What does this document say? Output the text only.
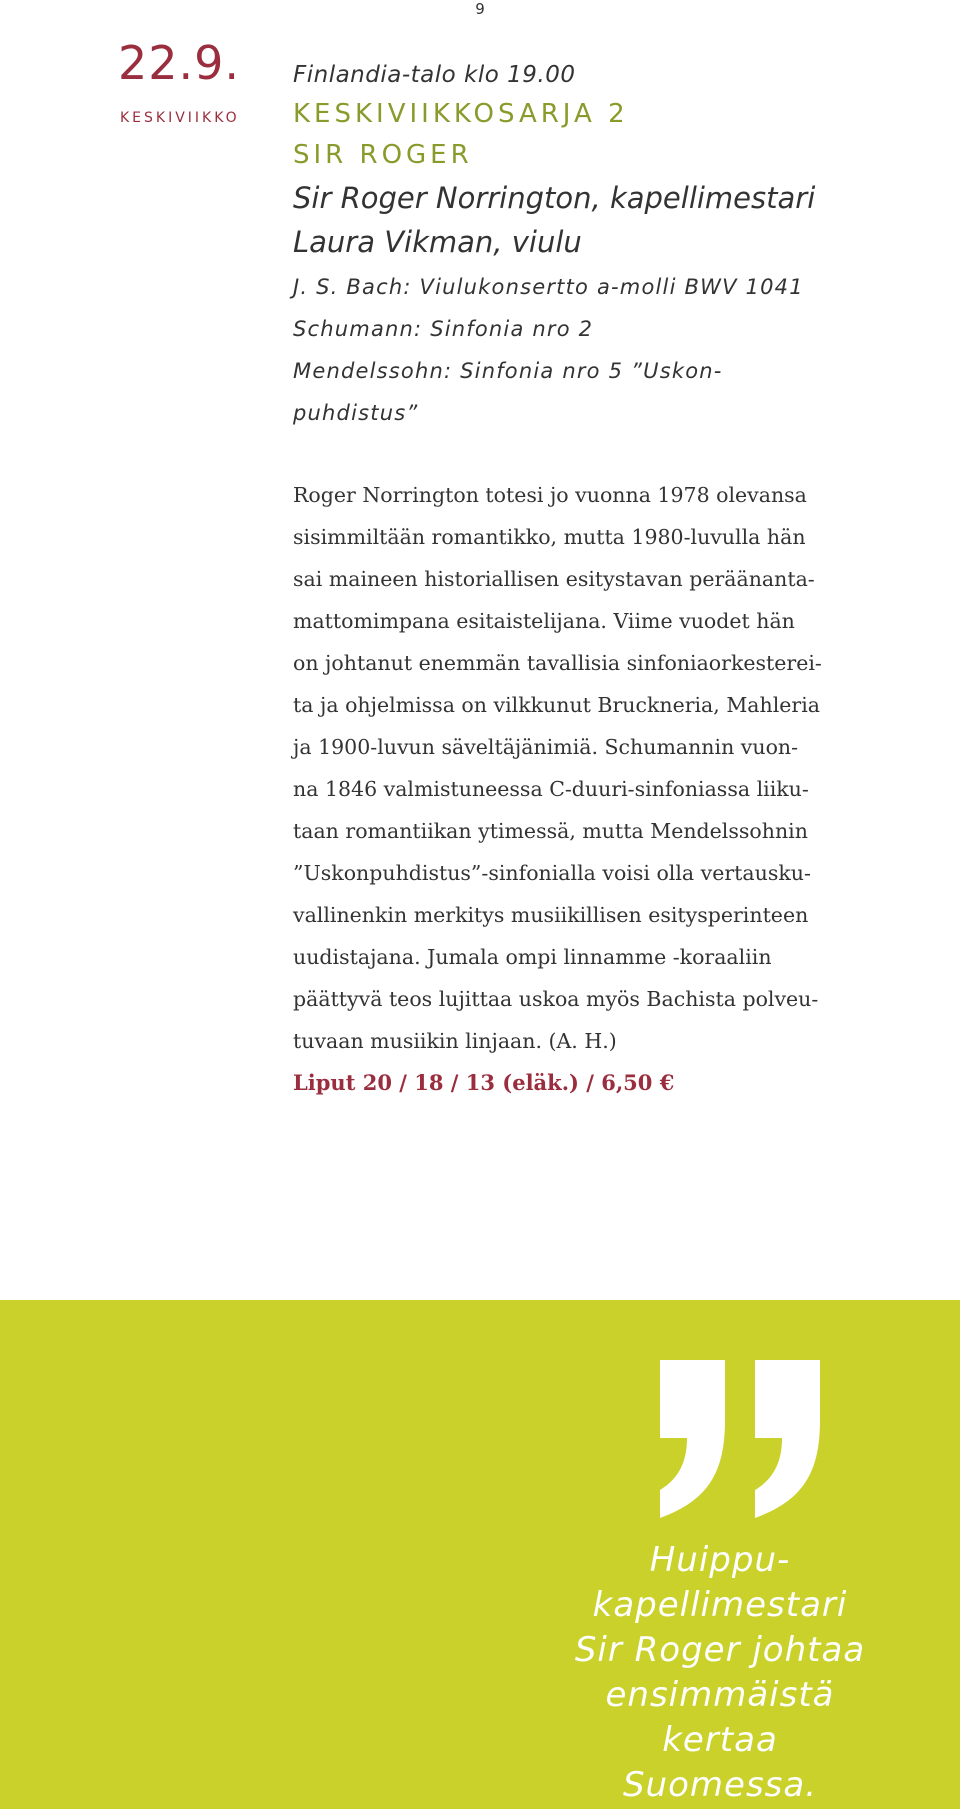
9
22.9.
KESKIVIIKKO
Finlandia-talo klo 19.00
KESKIVIIKKOSARJA 2
SIR ROGER
Sir Roger Norrington, kapellimestari
Laura Vikman, viulu
J. S. Bach: Viulukonsertto a-molli BWV 1041
Schumann: Sinfonia nro 2
Mendelssohn: Sinfonia nro 5 ”Uskon-
puhdistus”
Roger Norrington totesi jo vuonna 1978 olevansa
sisimmiltään romantikko, mutta 1980-luvulla hän
sai maineen historiallisen esitystavan peräänanta-
mattomimpana esitaistelijana. Viime vuodet hän
on johtanut enemmän tavallisia sinfoniaorkesterei-
ta ja ohjelmissa on vilkkunut Bruckneria, Mahleria
ja 1900-luvun säveltäjänimiä. Schumannin vuon-
na 1846 valmistuneessa C-duuri-sinfoniassa liiku-
taan romantiikan ytimessä, mutta Mendelssohnin
”Uskonpuhdistus”-sinfonialla voisi olla vertausku-
vallinenkin merkitys musiikillisen esitysperinteen
uudistajana. Jumala ompi linnamme -koraaliin
päättyvä teos lujittaa uskoa myös Bachista polveu-
tuvaan musiikin linjaan. (A. H.)
Liput 20 / 18 / 13 (eläk.) / 6,50 €
Huippu-
kapellimestari
Sir Roger johtaa
ensimmäistä
kertaa
Suomessa.
